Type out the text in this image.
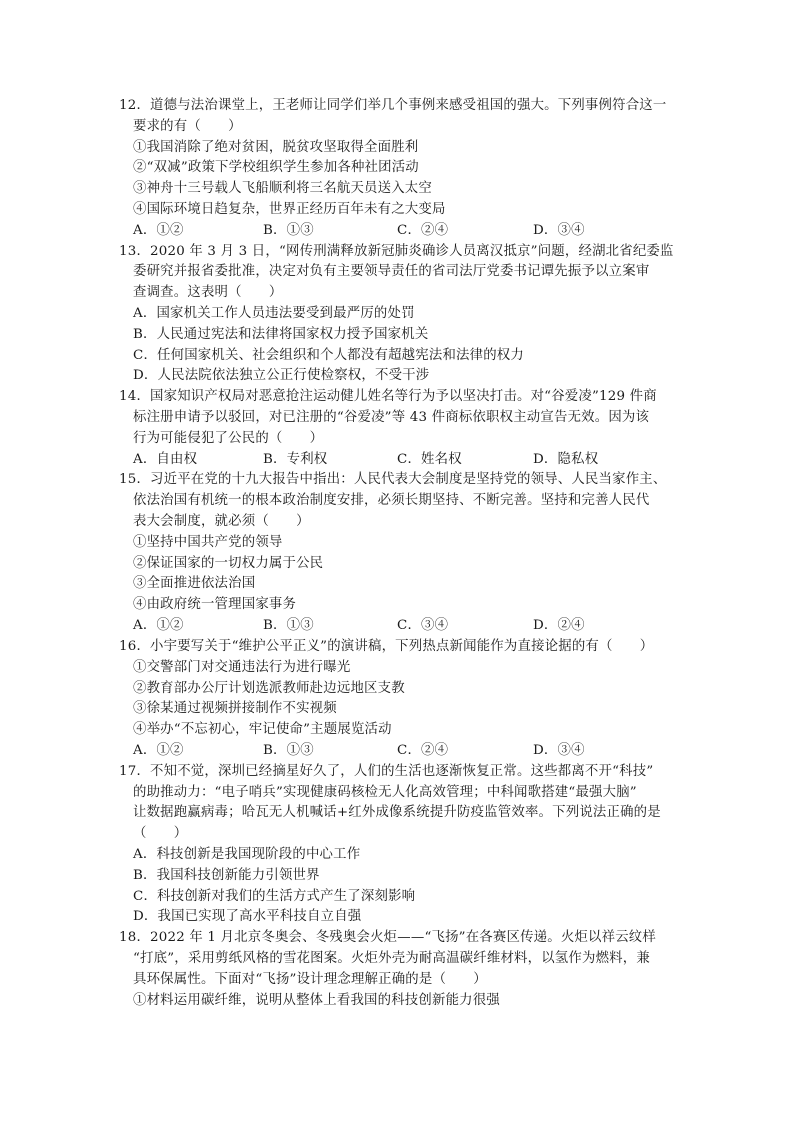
12．道德与法治课堂上，王老师让同学们举几个事例来感受祖国的强大。下列事例符合这一
要求的有（　　）
①我国消除了绝对贫困，脱贫攻坚取得全面胜利
②“双减”政策下学校组织学生参加各种社团活动
③神舟十三号载人飞船顺利将三名航天员送入太空
④国际环境日趋复杂，世界正经历百年未有之大变局
A．①②	B．①③	C．②④	D．③④
13．2020 年 3 月 3 日，“网传刑满释放新冠肺炎确诊人员离汉抵京”问题，经湖北省纪委监
委研究并报省委批准，决定对负有主要领导责任的省司法厅党委书记谭先振予以立案审
查调查。这表明（　　）
A．国家机关工作人员违法要受到最严厉的处罚
B．人民通过宪法和法律将国家权力授予国家机关
C．任何国家机关、社会组织和个人都没有超越宪法和法律的权力
D．人民法院依法独立公正行使检察权，不受干涉
14．国家知识产权局对恶意抢注运动健儿姓名等行为予以坚决打击。对“谷爱凌”129 件商
标注册申请予以驳回，对已注册的“谷爱凌”等 43 件商标依职权主动宣告无效。因为该
行为可能侵犯了公民的（　　）
A．自由权	B．专利权	C．姓名权	D．隐私权
15．习近平在党的十九大报告中指出：人民代表大会制度是坚持党的领导、人民当家作主、
依法治国有机统一的根本政治制度安排，必须长期坚持、不断完善。坚持和完善人民代
表大会制度，就必须（　　）
①坚持中国共产党的领导
②保证国家的一切权力属于公民
③全面推进依法治国
④由政府统一管理国家事务
A．①②	B．①③	C．③④	D．②④
16．小宇要写关于“维护公平正义”的演讲稿，下列热点新闻能作为直接论据的有（　　）
①交警部门对交通违法行为进行曝光
②教育部办公厅计划选派教师赴边远地区支教
③徐某通过视频拼接制作不实视频
④举办“不忘初心，牢记使命”主题展览活动
A．①②	B．①③	C．②④	D．③④
17．不知不觉，深圳已经摘星好久了，人们的生活也逐渐恢复正常。这些都离不开“科技”
的助推动力：“电子哨兵”实现健康码核检无人化高效管理；中科闻歌搭建“最强大脑”
让数据跑赢病毒；哈瓦无人机喊话+红外成像系统提升防疫监管效率。下列说法正确的是
（　　）
A．科技创新是我国现阶段的中心工作
B．我国科技创新能力引领世界
C．科技创新对我们的生活方式产生了深刻影响
D．我国已实现了高水平科技自立自强
18．2022 年 1 月北京冬奥会、冬残奥会火炬——“飞扬”在各赛区传递。火炬以祥云纹样
“打底”，采用剪纸风格的雪花图案。火炬外壳为耐高温碳纤维材料，以氢作为燃料，兼
具环保属性。下面对“飞扬”设计理念理解正确的是（　　）
①材料运用碳纤维，说明从整体上看我国的科技创新能力很强
